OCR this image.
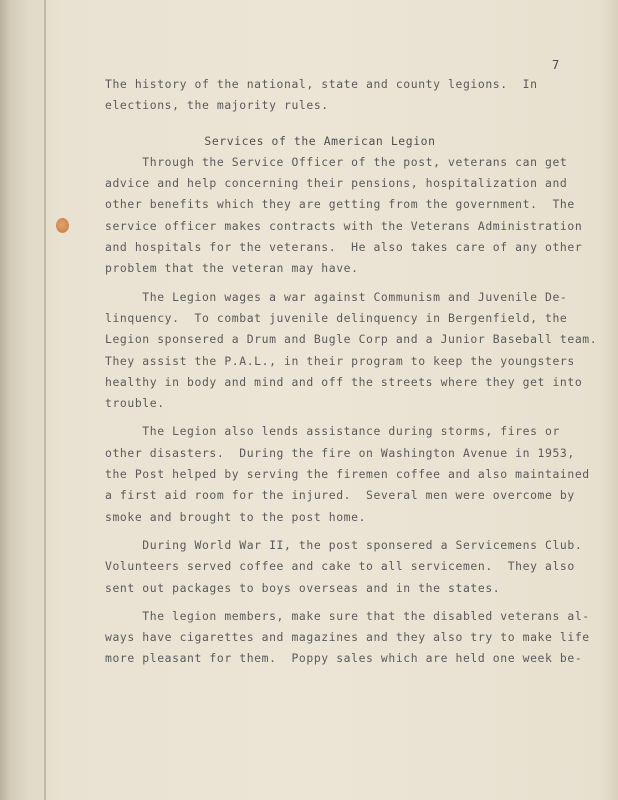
7
The history of the national, state and county legions.  In
elections, the majority rules.
Services of the American Legion
Through the Service Officer of the post, veterans can get
advice and help concerning their pensions, hospitalization and
other benefits which they are getting from the government.  The
service officer makes contracts with the Veterans Administration
and hospitals for the veterans.  He also takes care of any other
problem that the veteran may have.
The Legion wages a war against Communism and Juvenile De-
linquency.  To combat juvenile delinquency in Bergenfield, the
Legion sponsered a Drum and Bugle Corp and a Junior Baseball team.
They assist the P.A.L., in their program to keep the youngsters
healthy in body and mind and off the streets where they get into
trouble.
The Legion also lends assistance during storms, fires or
other disasters.  During the fire on Washington Avenue in 1953,
the Post helped by serving the firemen coffee and also maintained
a first aid room for the injured.  Several men were overcome by
smoke and brought to the post home.
During World War II, the post sponsered a Servicemens Club.
Volunteers served coffee and cake to all servicemen.  They also
sent out packages to boys overseas and in the states.
The legion members, make sure that the disabled veterans al-
ways have cigarettes and magazines and they also try to make life
more pleasant for them.  Poppy sales which are held one week be-
